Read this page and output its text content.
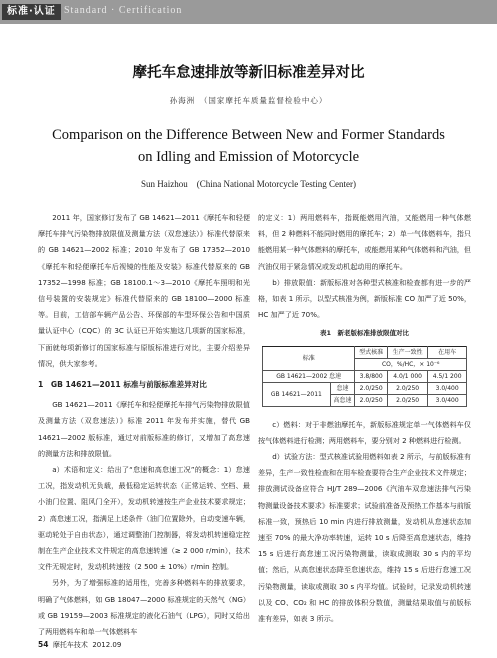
标准·认证 Standard · Certification
摩托车怠速排放等新旧标准差异对比
孙海洲　（国家摩托车质量监督检验中心）
Comparison on the Difference Between New and Former Standards
on Idling and Emission of Motorcycle
Sun Haizhou　(China National Motorcycle Testing Center)

2011 年，国家修订发布了 GB 14621—2011《摩托车和轻便摩托车排气污染物排放限值及测量方法（双怠速法）》标准代替原来的 GB 14621—2002 标准；2010 年发布了 GB 17352—2010《摩托车和轻便摩托车后视镜的性能及安装》标准代替原来的 GB 17352—1998 标准；GB 18100.1～3—2010《摩托车照明和光信号装置的安装规定》标准代替原来的 GB 18100—2000 标准等。目前，工信部车辆产品公告、环保部的车型环保公告和中国质量认证中心（CQC）的 3C 认证已开始实施这几项新的国家标准，下面就每项新修订的国家标准与原版标准进行对比，主要介绍差异情况，供大家参考。

1　GB 14621—2011 标准与前版标准差异对比

GB 14621—2011《摩托车和轻便摩托车排气污染物排放限值及测量方法（双怠速法）》标准 2011 年发布并实施，替代 GB 14621—2002 版标准，通过对前版标准的修订，又增加了高怠速的测量方法和排放限值。

a）术语和定义：给出了“怠速和高怠速工况”的概念：1）怠速工况，指发动机无负载，最低稳定运转状态（正常运转、空档、最小油门位置、阻风门全开），发动机转速按生产企业技术要求规定；2）高怠速工况，指满足上述条件（油门位置除外，自动变速车辆，驱动轮处于自由状态），通过调整油门控制器，将发动机转速稳定控制在生产企业技术文件规定的高怠速转速（≥ 2 000 r/min），技术文件无规定时，发动机转速按（2 500 ± 10%）r/min 控制。

另外，为了增强标准的适用性，完善多种燃料车的排放要求，明确了气体燃料，如 GB 18047—2000 标准规定的天然气（NG）或 GB 19159—2003 标准规定的液化石油气（LPG），同时又给出了两用燃料车和单一气体燃料车

的定义：1）两用燃料车，指既能燃用汽油，又能燃用一种气体燃料，但 2 种燃料不能同时燃用的摩托车；2）单一气体燃料车，指只能燃用某一种气体燃料的摩托车，或能燃用某种气体燃料和汽油，但汽油仅用于紧急情况或发动机起动用的摩托车。

b）排放限值：新版标准对各种型式核准和检查都有进一步的严格，如表 1 所示，以型式核准为例，新版标准 CO 加严了近 50%，HC 加严了近 70%。

表1　新老版标准排放限值对比
标准		型式核准	生产一致性	在用车
		CO，%/HC，× 10⁻⁶		
GB 14621—2002 怠速		3.8/800	4.0/1 000	4.5/1 200
GB 14621—2011	怠速	2.0/250	2.0/250	3.0/400
	高怠速	2.0/250	2.0/250	3.0/400

c）燃料：对于非燃油摩托车，新版标准规定单一气体燃料车仅按气体燃料进行检测；两用燃料车，要分别对 2 种燃料进行检测。

d）试验方法：型式核准试验用燃料如表 2 所示，与前版标准有差异，生产一致性检查和在用车检查要符合生产企业技术文件规定；排放测试设备应符合 HJ/T 289—2006《汽油车双怠速法排气污染物测量设备技术要求》标准要求；试验前准备及预热工作基本与前版标准一致，预热后 10 min 内进行排放测量，发动机从怠速状态加速至 70% 的最大净功率转速，运转 10 s 后降至高怠速状态，维持 15 s 后进行高怠速工况污染物测量，读取成测取 30 s 内的平均值；然后，从高怠速状态降至怠速状态，维持 15 s 后进行怠速工况污染物测量，读取或测取 30 s 内平均值。试验时，记录发动机转速以及 CO、CO₂ 和 HC 的排放体积分数值，测量结果取值与前版标准有差异，如表 3 所示。

54 摩托车技术 2012.09
